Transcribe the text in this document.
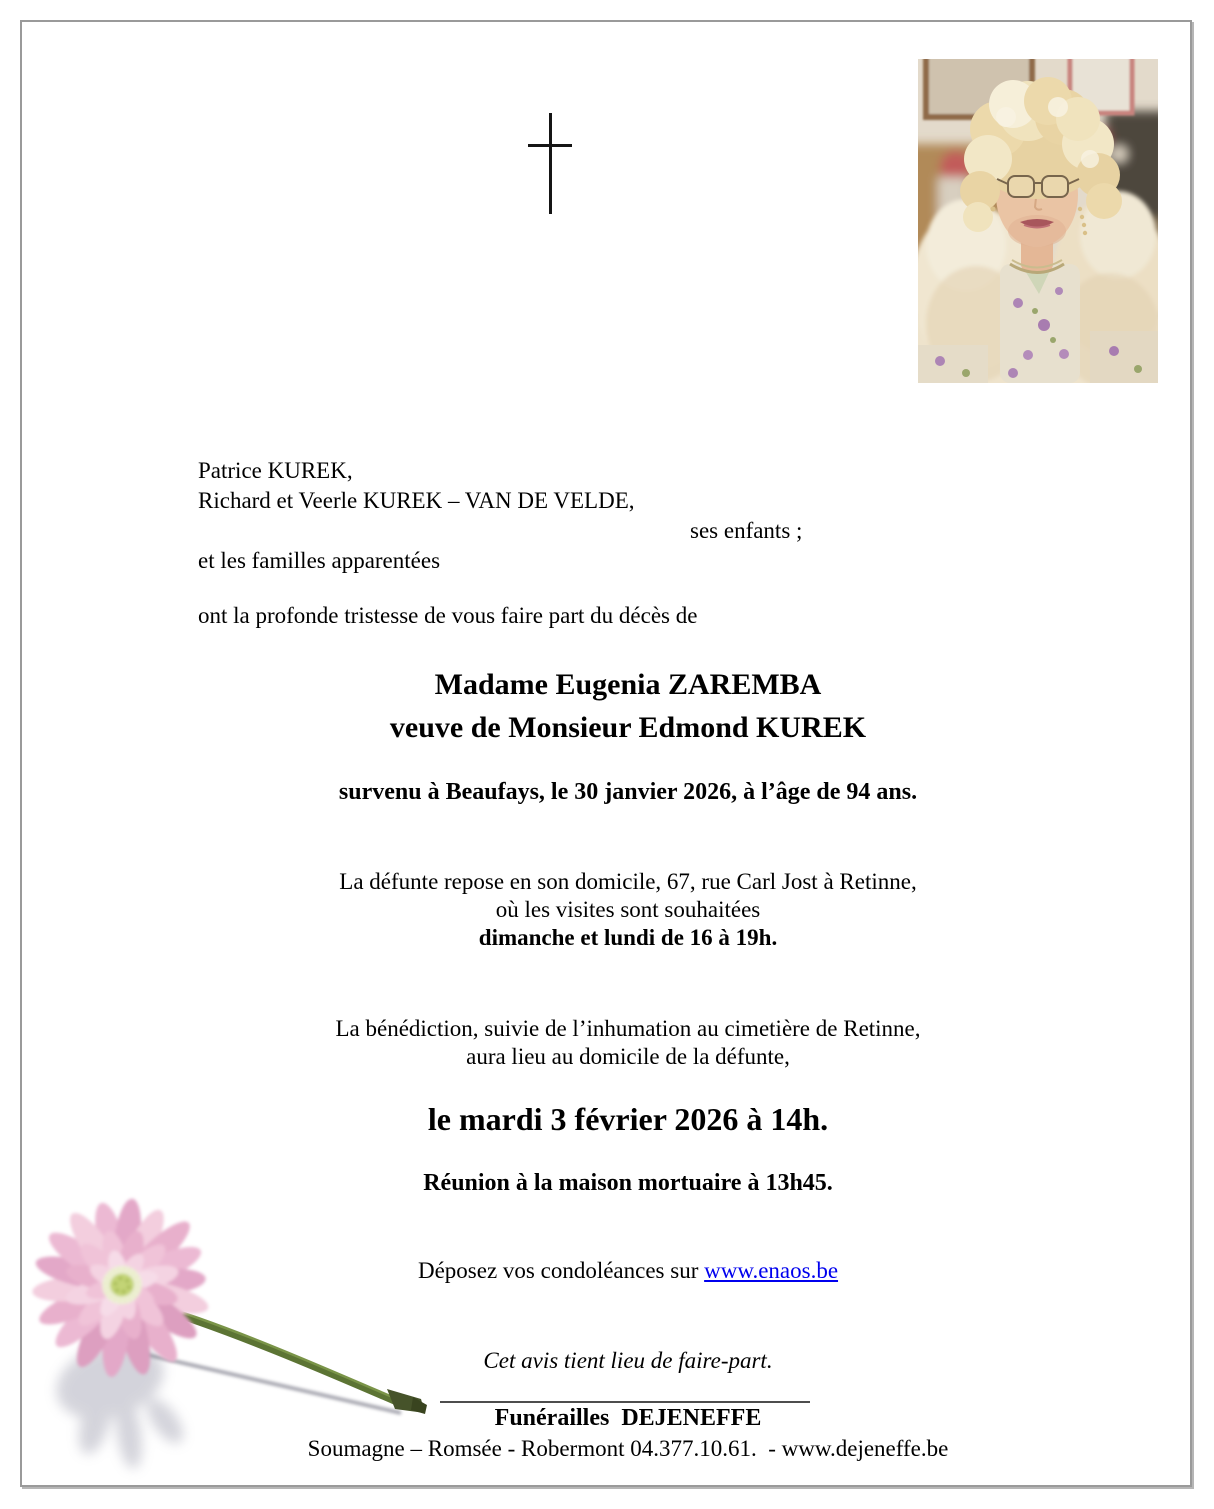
Patrice KUREK,
Richard et Veerle KUREK – VAN DE VELDE,
ses enfants ;
et les familles apparentées
ont la profonde tristesse de vous faire part du décès de
Madame Eugenia ZAREMBA
veuve de Monsieur Edmond KUREK
survenu à Beaufays, le 30 janvier 2026, à l’âge de 94 ans.
La défunte repose en son domicile, 67, rue Carl Jost à Retinne,
où les visites sont souhaitées
dimanche et lundi de 16 à 19h.
La bénédiction, suivie de l’inhumation au cimetière de Retinne,
aura lieu au domicile de la défunte,
le mardi 3 février 2026 à 14h.
Réunion à la maison mortuaire à 13h45.
Déposez vos condoléances sur www.enaos.be
Cet avis tient lieu de faire-part.
Funérailles  DEJENEFFE
Soumagne – Romsée - Robermont 04.377.10.61.  - www.dejeneffe.be
